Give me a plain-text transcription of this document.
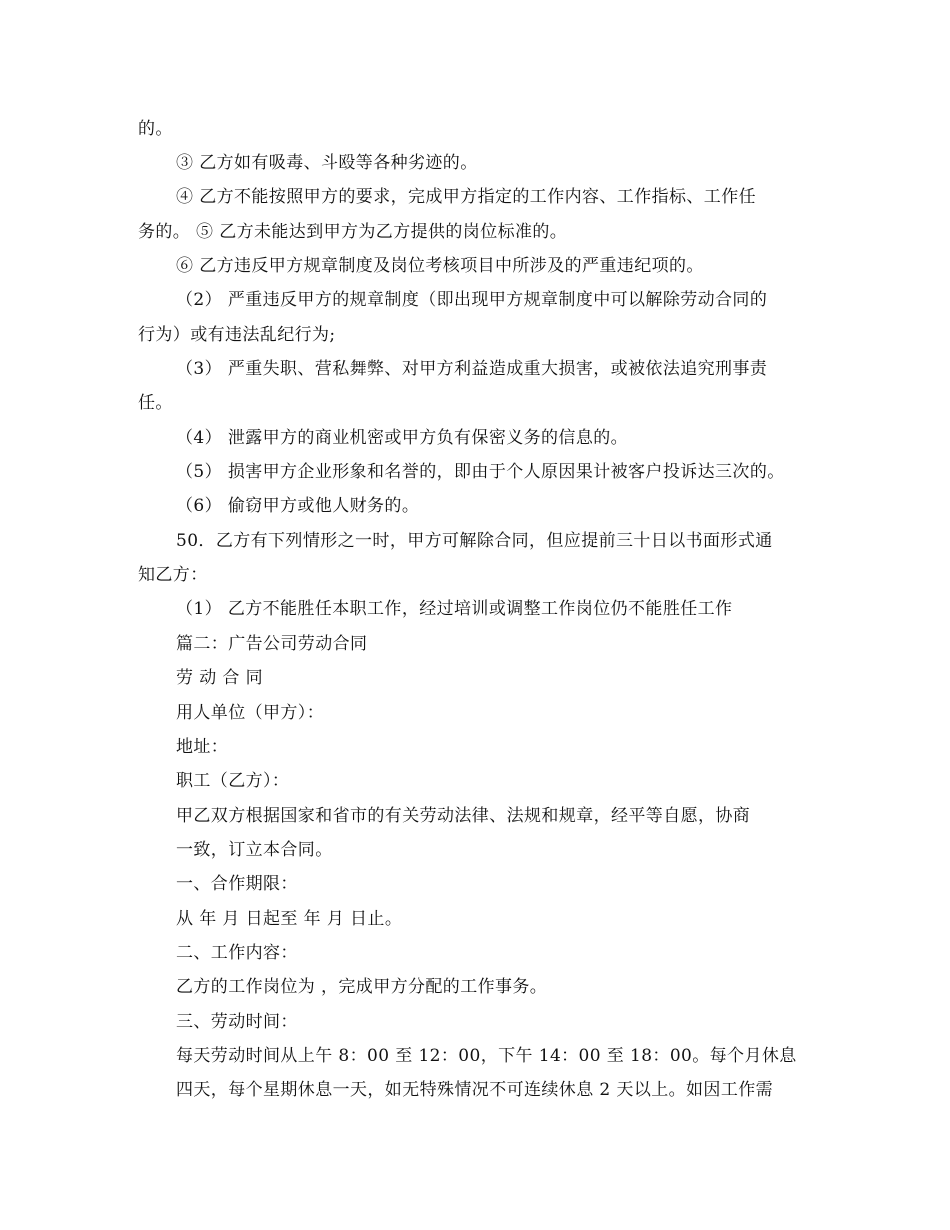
的。
③ 乙方如有吸毒、斗殴等各种劣迹的。
④ 乙方不能按照甲方的要求，完成甲方指定的工作内容、工作指标、工作任
务的。 ⑤ 乙方未能达到甲方为乙方提供的岗位标准的。
⑥ 乙方违反甲方规章制度及岗位考核项目中所涉及的严重违纪项的。
（2） 严重违反甲方的规章制度（即出现甲方规章制度中可以解除劳动合同的
行为）或有违法乱纪行为;
（3） 严重失职、营私舞弊、对甲方利益造成重大损害，或被依法追究刑事责
任。
（4） 泄露甲方的商业机密或甲方负有保密义务的信息的。
（5） 损害甲方企业形象和名誉的，即由于个人原因果计被客户投诉达三次的。
（6） 偷窃甲方或他人财务的。
50．乙方有下列情形之一时，甲方可解除合同，但应提前三十日以书面形式通
知乙方：
（1） 乙方不能胜任本职工作，经过培训或调整工作岗位仍不能胜任工作
篇二：广告公司劳动合同
劳 动 合 同
用人单位（甲方）：
地址：
职工（乙方）：
甲乙双方根据国家和省市的有关劳动法律、法规和规章，经平等自愿，协商
一致，订立本合同。
一、合作期限：
从 年 月 日起至 年 月 日止。
二、工作内容：
乙方的工作岗位为 ，完成甲方分配的工作事务。
三、劳动时间：
每天劳动时间从上午 8：00 至 12：00，下午 14：00 至 18：00。每个月休息
四天，每个星期休息一天，如无特殊情况不可连续休息 2 天以上。如因工作需
